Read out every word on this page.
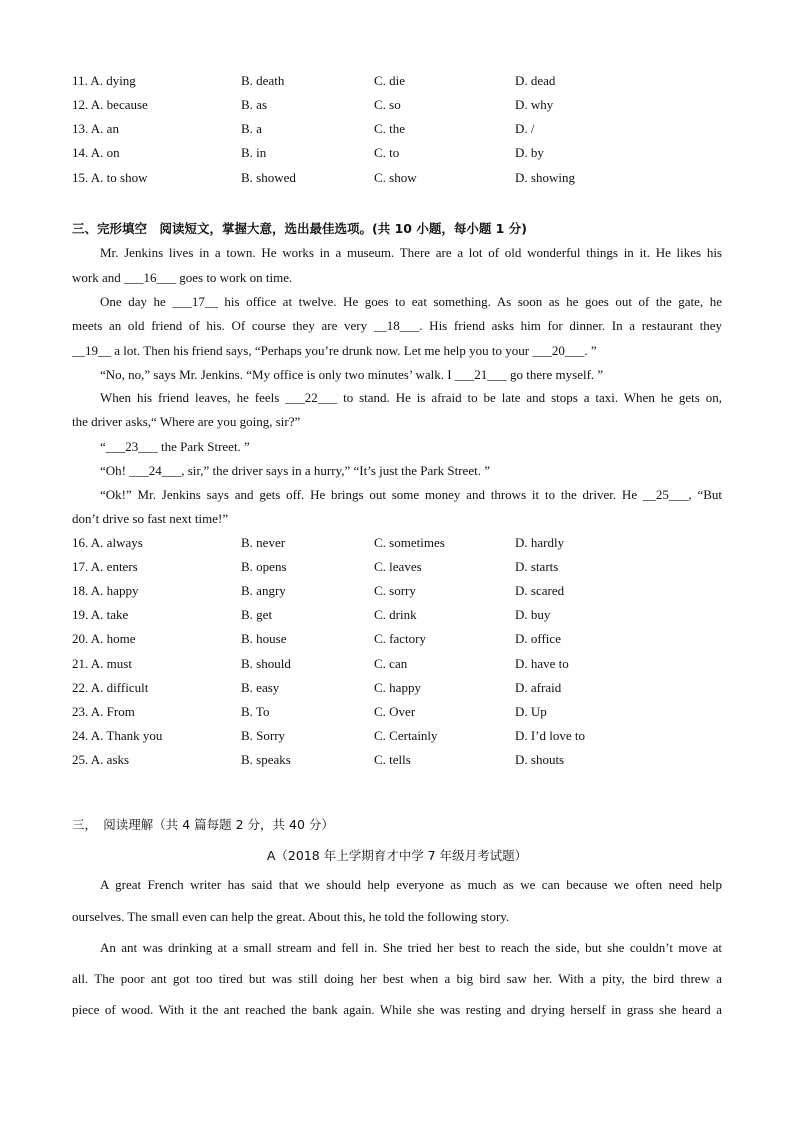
11. A. dying	B. death	C. die	D. dead
12. A. because	B. as	C. so	D. why
13. A. an	B. a	C. the	D. /
14. A. on	B. in	C. to	D. by
15. A. to show	B. showed	C. show	D. showing
三、完形填空　阅读短文，掌握大意，选出最佳选项。(共 10 小题，每小题 1 分)
Mr. Jenkins lives in a town. He works in a museum. There are a lot of old wonderful things in it. He likes his
work and ___16___ goes to work on time.
One day he ___17__ his office at twelve. He goes to eat something. As soon as he goes out of the gate, he
meets an old friend of his. Of course they are very __18___. His friend asks him for dinner. In a restaurant they
__19__ a lot. Then his friend says, “Perhaps you’re drunk now. Let me help you to your ___20___. ”
“No, no,” says Mr. Jenkins. “My office is only two minutes’ walk. I ___21___ go there myself. ”
When his friend leaves, he feels ___22___ to stand. He is afraid to be late and stops a taxi. When he gets on,
the driver asks,“ Where are you going, sir?”
“___23___ the Park Street. ”
“Oh! ___24___, sir,” the driver says in a hurry,” “It’s just the Park Street. ”
“Ok!” Mr. Jenkins says and gets off. He brings out some money and throws it to the driver. He __25___, “But
don’t drive so fast next time!”
16. A. always	B. never	C. sometimes	D. hardly
17. A. enters	B. opens	C. leaves	D. starts
18. A. happy	B. angry	C. sorry	D. scared
19. A. take	B. get	C. drink	D. buy
20. A. home	B. house	C. factory	D. office
21. A. must	B. should	C. can	D. have to
22. A. difficult	B. easy	C. happy	D. afraid
23. A. From	B. To	C. Over	D. Up
24. A. Thank you	B. Sorry	C. Certainly	D. I’d love to
25. A. asks	B. speaks	C. tells	D. shouts
三，　阅读理解（共 4 篇每题 2 分，共 40 分）
A（2018 年上学期育才中学 7 年级月考试题）
A great French writer has said that we should help everyone as much as we can because we often need help
ourselves. The small even can help the great. About this, he told the following story.
An ant was drinking at a small stream and fell in. She tried her best to reach the side, but she couldn’t move at
all. The poor ant got too tired but was still doing her best when a big bird saw her. With a pity, the bird threw a
piece of wood. With it the ant reached the bank again. While she was resting and drying herself in grass she heard a
